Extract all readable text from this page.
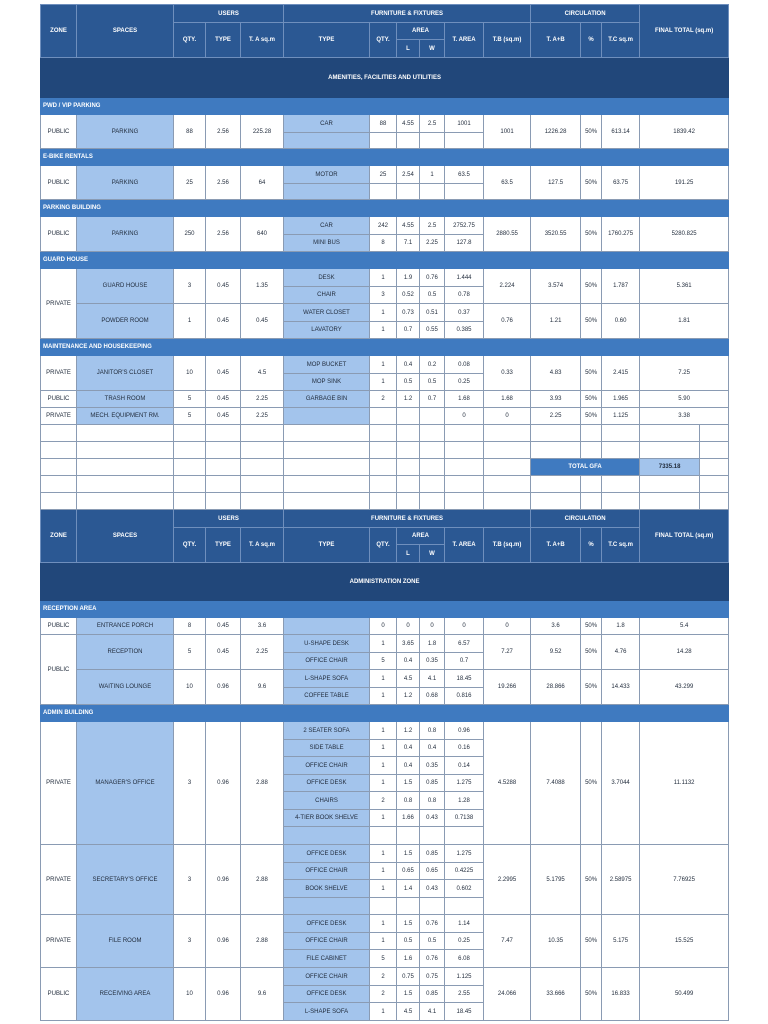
ZONE	SPACES	USERS			FURNITURE & FIXTURES						CIRCULATION			FINAL TOTAL (sq.m)	
		QTY.	TYPE	T. A sq.m	TYPE	QTY.	AREA		T. AREA	T.B (sq.m)	T. A+B	%	T.C sq.m		
							L	W							
AMENITIES, FACILITIES AND UTILITIES															
PWD / VIP PARKING															
PUBLIC	PARKING	88	2.56	225.28	CAR	88	4.55	2.5	1001	1001	1226.28	50%	613.14	1839.42	

E-BIKE RENTALS															
PUBLIC	PARKING	25	2.56	64	MOTOR	25	2.54	1	63.5	63.5	127.5	50%	63.75	191.25	

PARKING BUILDING															
PUBLIC	PARKING	250	2.56	640	CAR	242	4.55	2.5	2752.75	2880.55	3520.55	50%	1760.275	5280.825	
					MINI BUS	8	7.1	2.25	127.8						
GUARD HOUSE															
PRIVATE	GUARD HOUSE	3	0.45	1.35	DESK	1	1.9	0.76	1.444	2.224	3.574	50%	1.787	5.361	
					CHAIR	3	0.52	0.5	0.78						
	POWDER ROOM	1	0.45	0.45	WATER CLOSET	1	0.73	0.51	0.37	0.76	1.21	50%	0.60	1.81	
					LAVATORY	1	0.7	0.55	0.385						
MAINTENANCE AND HOUSEKEEPING															
PRIVATE	JANITOR'S CLOSET	10	0.45	4.5	MOP BUCKET	1	0.4	0.2	0.08	0.33	4.83	50%	2.415	7.25	
					MOP SINK	1	0.5	0.5	0.25						
PUBLIC	TRASH ROOM	5	0.45	2.25	GARBAGE BIN	2	1.2	0.7	1.68	1.68	3.93	50%	1.965	5.90	
PRIVATE	MECH. EQUIPMENT RM.	5	0.45	2.25					0	0	2.25	50%	1.125	3.38	

											TOTAL GFA			7335.18	

ZONE	SPACES	USERS			FURNITURE & FIXTURES						CIRCULATION			FINAL TOTAL (sq.m)	
		QTY.	TYPE	T. A sq.m	TYPE	QTY.	AREA		T. AREA	T.B (sq.m)	T. A+B	%	T.C sq.m		
							L	W							
ADMINISTRATION ZONE															
RECEPTION AREA															
PUBLIC	ENTRANCE PORCH	8	0.45	3.6		0	0	0	0	0	3.6	50%	1.8	5.4	
PUBLIC	RECEPTION	5	0.45	2.25	U-SHAPE DESK	1	3.65	1.8	6.57	7.27	9.52	50%	4.76	14.28	
					OFFICE CHAIR	5	0.4	0.35	0.7						
	WAITING LOUNGE	10	0.96	9.6	L-SHAPE SOFA	1	4.5	4.1	18.45	19.266	28.866	50%	14.433	43.299	
					COFFEE TABLE	1	1.2	0.68	0.816						
ADMIN BUILDING															
PRIVATE	MANAGER'S OFFICE	3	0.96	2.88	2 SEATER SOFA	1	1.2	0.8	0.96	4.5288	7.4088	50%	3.7044	11.1132	
					SIDE TABLE	1	0.4	0.4	0.16						
					OFFICE CHAIR	1	0.4	0.35	0.14						
					OFFICE DESK	1	1.5	0.85	1.275						
					CHAIRS	2	0.8	0.8	1.28						
					4-TIER BOOK SHELVE	1	1.66	0.43	0.7138						

PRIVATE	SECRETARY'S OFFICE	3	0.96	2.88	OFFICE DESK	1	1.5	0.85	1.275	2.2995	5.1795	50%	2.58975	7.76925	
					OFFICE CHAIR	1	0.65	0.65	0.4225						
					BOOK SHELVE	1	1.4	0.43	0.602						

PRIVATE	FILE ROOM	3	0.96	2.88	OFFICE DESK	1	1.5	0.76	1.14	7.47	10.35	50%	5.175	15.525	
					OFFICE CHAIR	1	0.5	0.5	0.25						
					FILE CABINET	5	1.6	0.76	6.08						
PUBLIC	RECEIVING AREA	10	0.96	9.6	OFFICE CHAIR	2	0.75	0.75	1.125	24.066	33.666	50%	16.833	50.499	
					OFFICE DESK	2	1.5	0.85	2.55						
					L-SHAPE SOFA	1	4.5	4.1	18.45						
